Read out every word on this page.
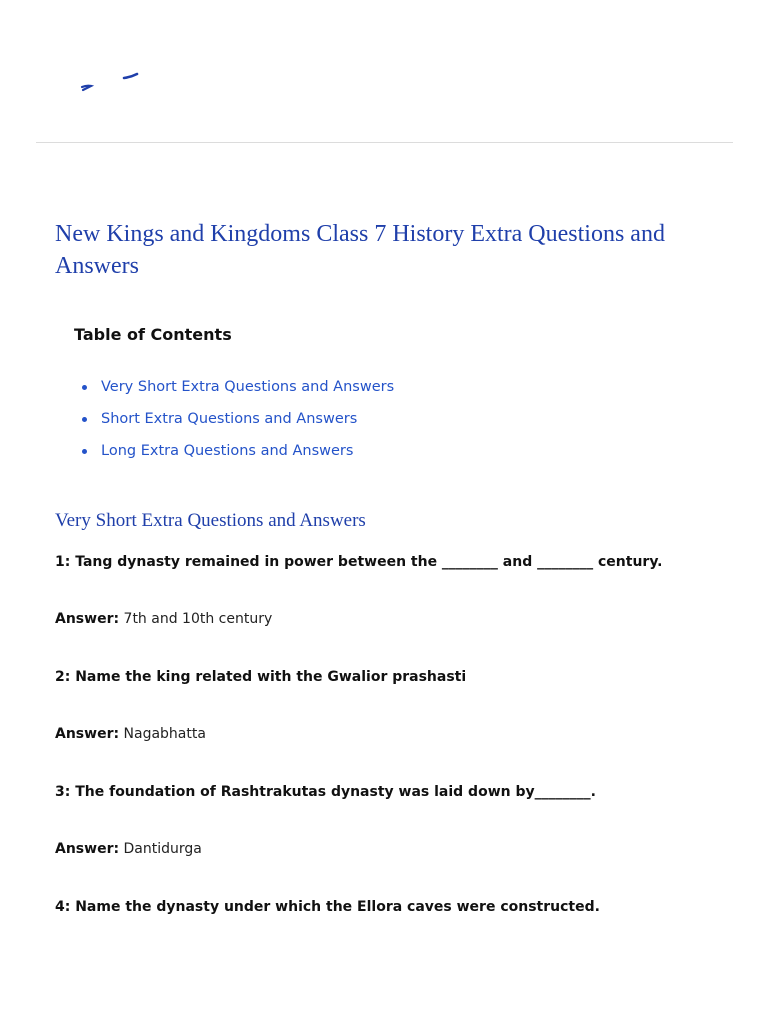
New Kings and Kingdoms Class 7 History Extra Questions and Answers

Table of Contents

Very Short Extra Questions and Answers
Short Extra Questions and Answers
Long Extra Questions and Answers
Very Short Extra Questions and Answers

1: Tang dynasty remained in power between the ________ and ________ century.

Answer: 7th and 10th century

2: Name the king related with the Gwalior prashasti

Answer: Nagabhatta

3: The foundation of Rashtrakutas dynasty was laid down by________.

Answer: Dantidurga

4: Name the dynasty under which the Ellora caves were constructed.
